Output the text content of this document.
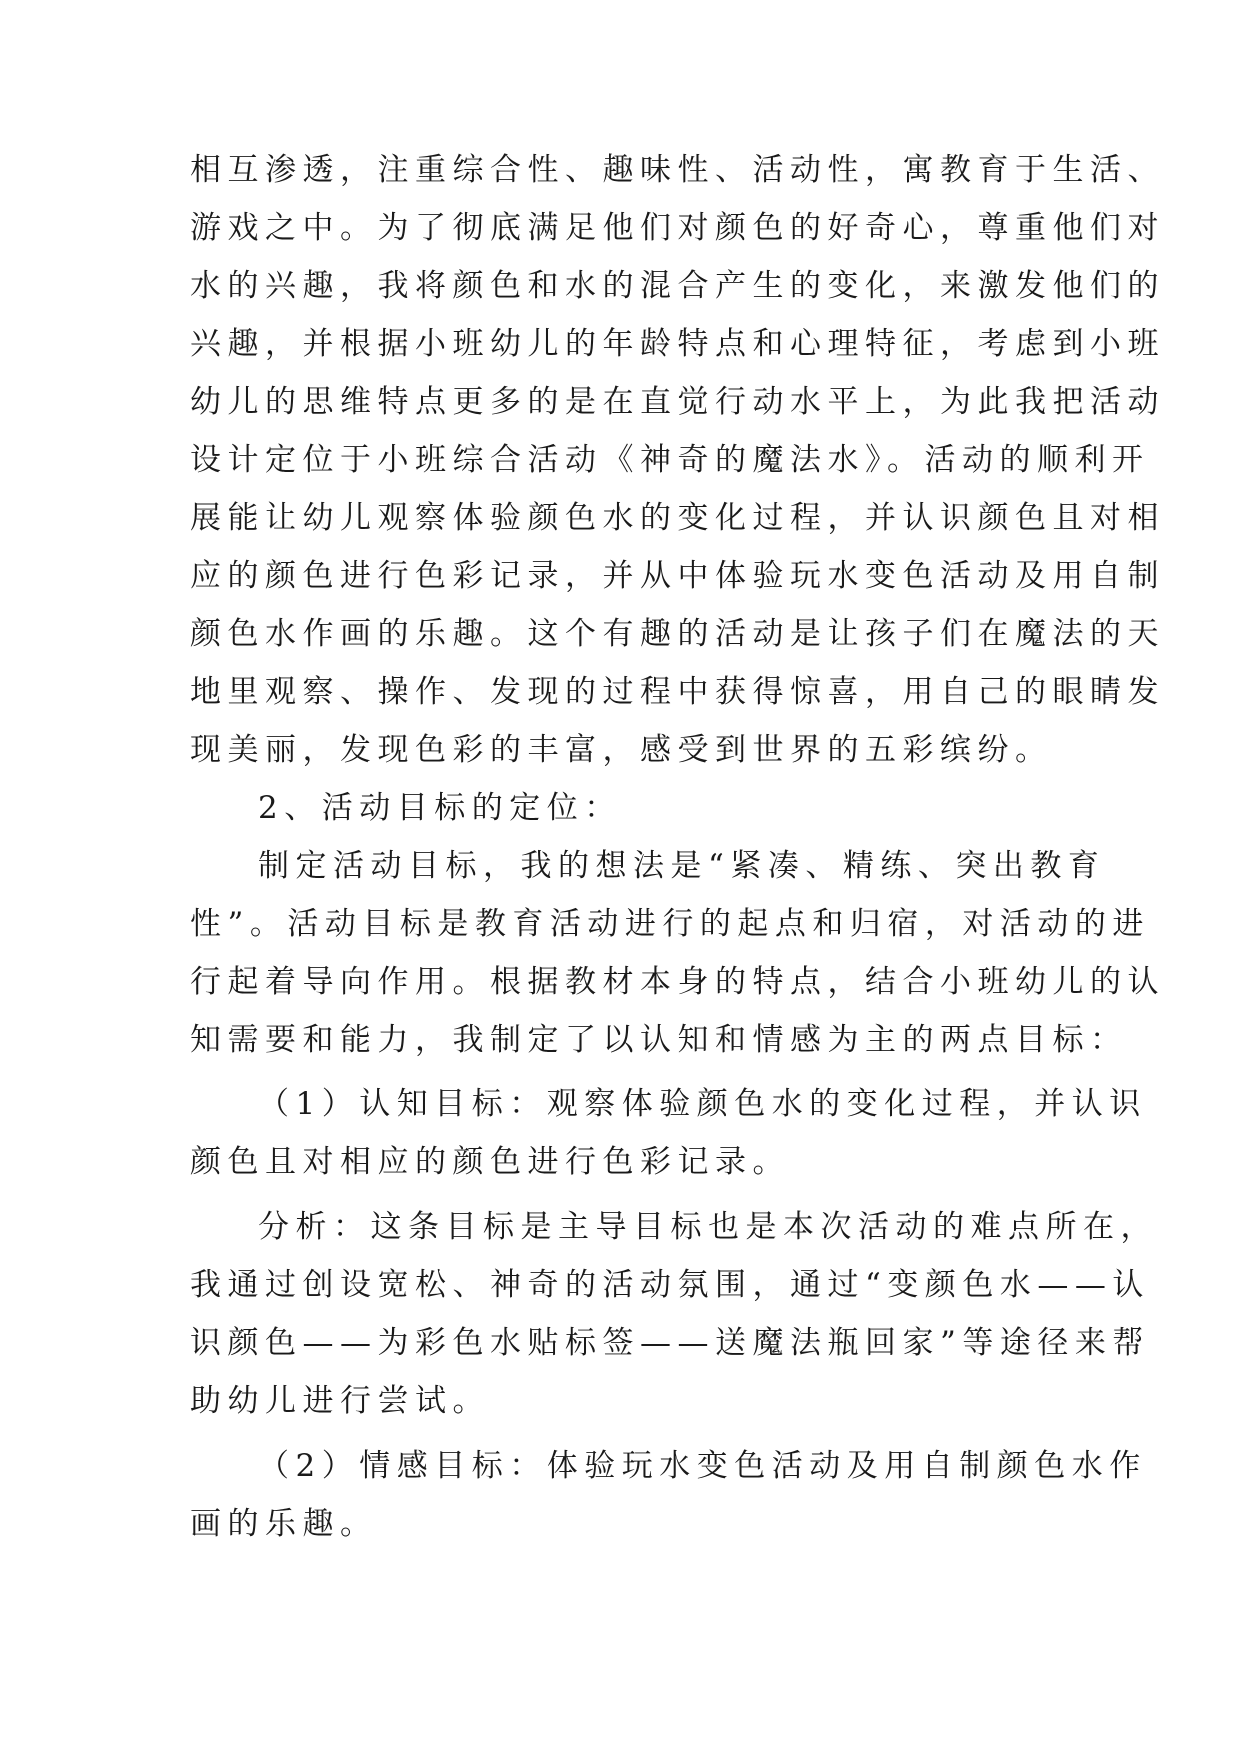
相互渗透，注重综合性、趣味性、活动性，寓教育于生活、
游戏之中。为了彻底满足他们对颜色的好奇心，尊重他们对
水的兴趣，我将颜色和水的混合产生的变化，来激发他们的
兴趣，并根据小班幼儿的年龄特点和心理特征，考虑到小班
幼儿的思维特点更多的是在直觉行动水平上，为此我把活动
设计定位于小班综合活动《神奇的魔法水》。活动的顺利开
展能让幼儿观察体验颜色水的变化过程，并认识颜色且对相
应的颜色进行色彩记录，并从中体验玩水变色活动及用自制
颜色水作画的乐趣。这个有趣的活动是让孩子们在魔法的天
地里观察、操作、发现的过程中获得惊喜，用自己的眼睛发
现美丽，发现色彩的丰富，感受到世界的五彩缤纷。
2、活动目标的定位：
制定活动目标，我的想法是“紧凑、精练、突出教育
性”。活动目标是教育活动进行的起点和归宿，对活动的进
行起着导向作用。根据教材本身的特点，结合小班幼儿的认
知需要和能力，我制定了以认知和情感为主的两点目标：
（1）认知目标：观察体验颜色水的变化过程，并认识
颜色且对相应的颜色进行色彩记录。
分析：这条目标是主导目标也是本次活动的难点所在，
我通过创设宽松、神奇的活动氛围，通过“变颜色水——认
识颜色——为彩色水贴标签——送魔法瓶回家”等途径来帮
助幼儿进行尝试。
（2）情感目标：体验玩水变色活动及用自制颜色水作
画的乐趣。
